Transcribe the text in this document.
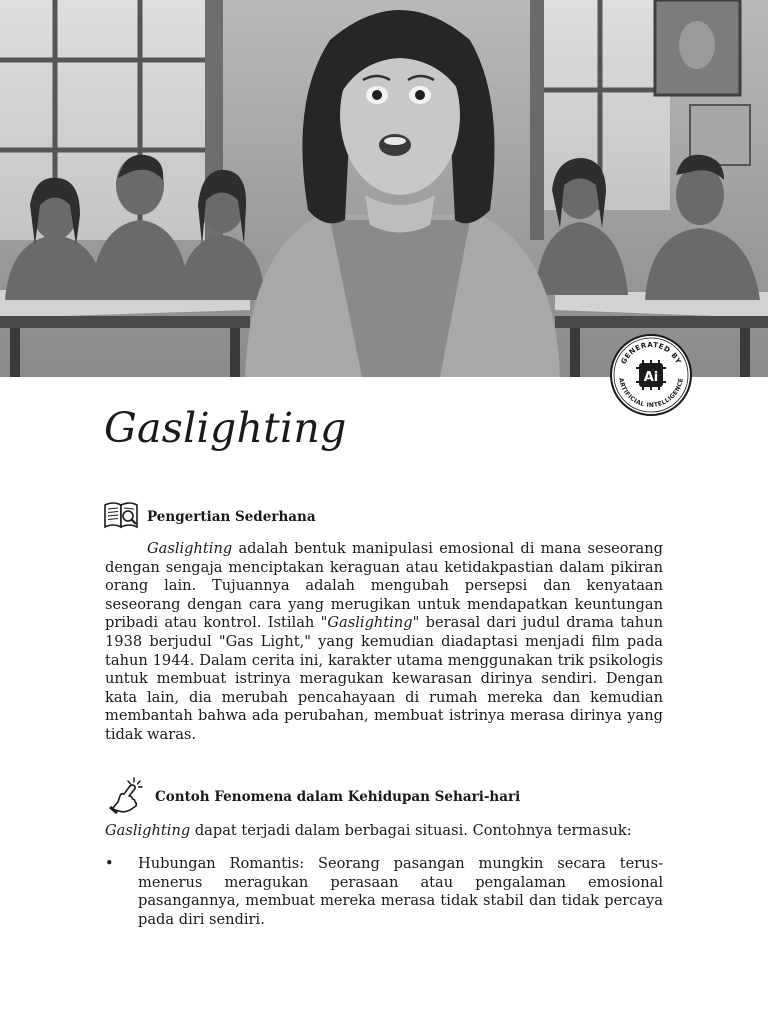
GENERATED BY
ARTIFICIAL INTELLIGENCE
Ai
Gaslighting
Pengertian Sederhana

Gaslighting adalah bentuk manipulasi emosional di mana seseorang dengan sengaja menciptakan keraguan atau ketidakpastian dalam pikiran orang lain. Tujuannya adalah mengubah persepsi dan kenyataan seseorang dengan cara yang merugikan untuk mendapatkan keuntungan pribadi atau kontrol. Istilah "Gaslighting" berasal dari judul drama tahun 1938 berjudul "Gas Light," yang kemudian diadaptasi menjadi film pada tahun 1944. Dalam cerita ini, karakter utama menggunakan trik psikologis untuk membuat istrinya meragukan kewarasan dirinya sendiri. Dengan kata lain, dia merubah pencahayaan di rumah mereka dan kemudian membantah bahwa ada perubahan, membuat istrinya merasa dirinya yang tidak waras.

Contoh Fenomena dalam Kehidupan Sehari-hari

Gaslighting dapat terjadi dalam berbagai situasi. Contohnya termasuk:

• Hubungan Romantis: Seorang pasangan mungkin secara terus-menerus meragukan perasaan atau pengalaman emosional pasangannya, membuat mereka merasa tidak stabil dan tidak percaya pada diri sendiri.
